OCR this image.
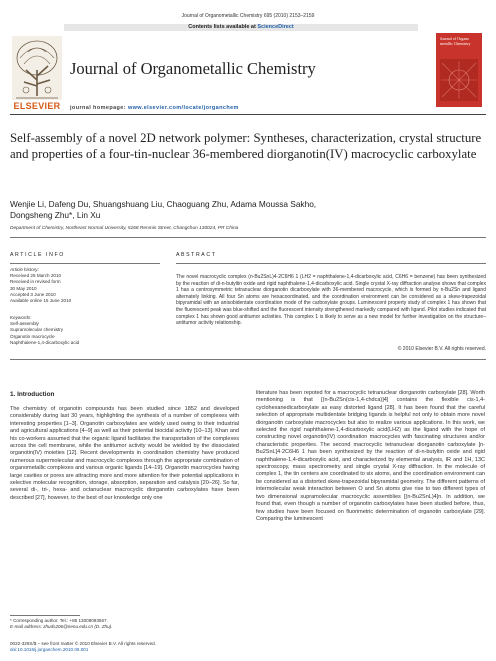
Journal of Organometallic Chemistry 695 (2010) 2153–2159
Contents lists available at ScienceDirect
ELSEVIER
Journal of Organometallic Chemistry
journal homepage: www.elsevier.com/locate/jorganchem
Journal of Organo metallic Chemistry
Self-assembly of a novel 2D network polymer: Syntheses, characterization, crystal structure and properties of a four-tin-nuclear 36-membered diorganotin(IV) macrocyclic carboxylate
Wenjie Li, Dafeng Du, Shuangshuang Liu, Chaoguang Zhu, Adama Moussa Sakho,
Dongsheng Zhu*, Lin Xu
Department of Chemistry, Northeast Normal University, 5268 Renmin Street, Changchun 130024, PR China
ARTICLE INFO
Article history:
Received 25 March 2010
Received in revised form
30 May 2010
Accepted 3 June 2010
Available online 15 June 2010
Keywords:
Self-assembly
Supramolecular chemistry
Organotin macrocycle
Naphthalene-1,4-dicarboxylic acid
ABSTRACT
The novel macrocyclic complex (n-Bu2SnL)4·2C6H6 1 (LH2 = naphthalene-1,4-dicarboxylic acid, C6H6 = benzene) has been synthesized by the reaction of di-n-butyltin oxide and rigid naphthalene-1,4-dicarboxylic acid. Single crystal X-ray diffraction analyse shows that complex 1 has a centrosymmetric tetranuclear diorganotin dicarboxylate with 36-membered macrocycle, which is formed by n-Bu2Sn and ligand alternately linking. All four Sn atoms are hexacoordinated, and the coordination environment can be considered as a skew-trapezoidal bipyramidal with an anisobidentate coordination mode of the carboxylate groups. Luminescent property study of complex 1 has shown that the fluorescent peak was blue-shifted and the fluorescent intensity strengthened markedly compared with ligand. Pilot studies indicated that complex 1 has shown good antitumor activities. This complex 1 is likely to serve as a new model for further investigation on the structure–antitumor activity relationship.
© 2010 Elsevier B.V. All rights reserved.
1. Introduction
The chemistry of organotin compounds has been studied since 1852 and developed considerably during last 30 years, highlighting the synthesis of a number of complexes with interesting properties [1–3]. Organotin carboxylates are widely used owing to their industrial and agricultural applications [4–9] as well as their potential biocidal activity [10–13]. Khan and his co-workers assumed that the organic ligand facilitates the transportation of the complexes across the cell membrane, while the antitumor activity would be wielded by the dissociated organotin(IV) moieties [12]. Recent developments in coordination chemistry have produced numerous supermolecular and macrocyclic complexes through the appropriate combination of organometallic complexes and various organic ligands [14–19]. Organotin macrocycles having large cavities or pores are attracting more and more attention for their potential applications in selective molecular recognition, storage, absorption, separation and catalysis [20–26]. So far, several di-, tri-, hexa- and octanuclear macrocyclic diorganotin carboxylates have been described [27], however, to the best of our knowledge only one
literature has been repoted for a macrocyclic tetranuclear diorganotin carboxylate [28]. Worth mentioning is that [(n-Bu2Sn(cis-1,4-chdca)]4] contains the flexible cis-1,4-cyclohexanedicarboxylate as easy distorted ligand [28]. It has been found that the careful selection of appropriate multidentate bridging ligands is helpful not only to obtain more novel diorganotin carboxylate macrocycles but also to realize various applications. In this work, we selected the rigid naphthalene-1,4-dicarboxylic acid(LH2) as the ligand with the hope of constructing novel organotin(IV) coordination macrocycles with fascinating structures and/or characteristic properties. The second macrocyclic tetranuclear diorganotin carboxylate [n-Bu2SnL]4·2C6H6 1 has been synthesized by the reaction of di-n-butyltin oxide and rigid naphthalene-1,4-dicarboxylic acid, and characterized by elemental analysis, IR and 1H, 13C spectroscopy, mass spectrometry and single crystal X-ray diffraction. In the molecule of complex 1, the tin centers are coordinated to six atoms, and the coordination environment can be considered as a distorted skew-trapezoidal bipyramidal geometry. The different patterns of intermolecular weak interaction between O and Sn atoms give rise to two different types of two dimensional supramolecular macrocyclic assemblies [(n-Bu2SnL)4]n. In addition, we found that, even though a number of organotin carboxylates have been studied before, thus, few studies have been focused on fluorimetric determination of organotin carboxylate [29]. Comparing the luminescent
* Corresponding author. Tel.: +86 13009093567.
E-mail address: zhuds206@nenu.edu.cn (D. Zhu).
0022-328X/$ – see front matter © 2010 Elsevier B.V. All rights reserved.
doi:10.1016/j.jorganchem.2010.06.001
